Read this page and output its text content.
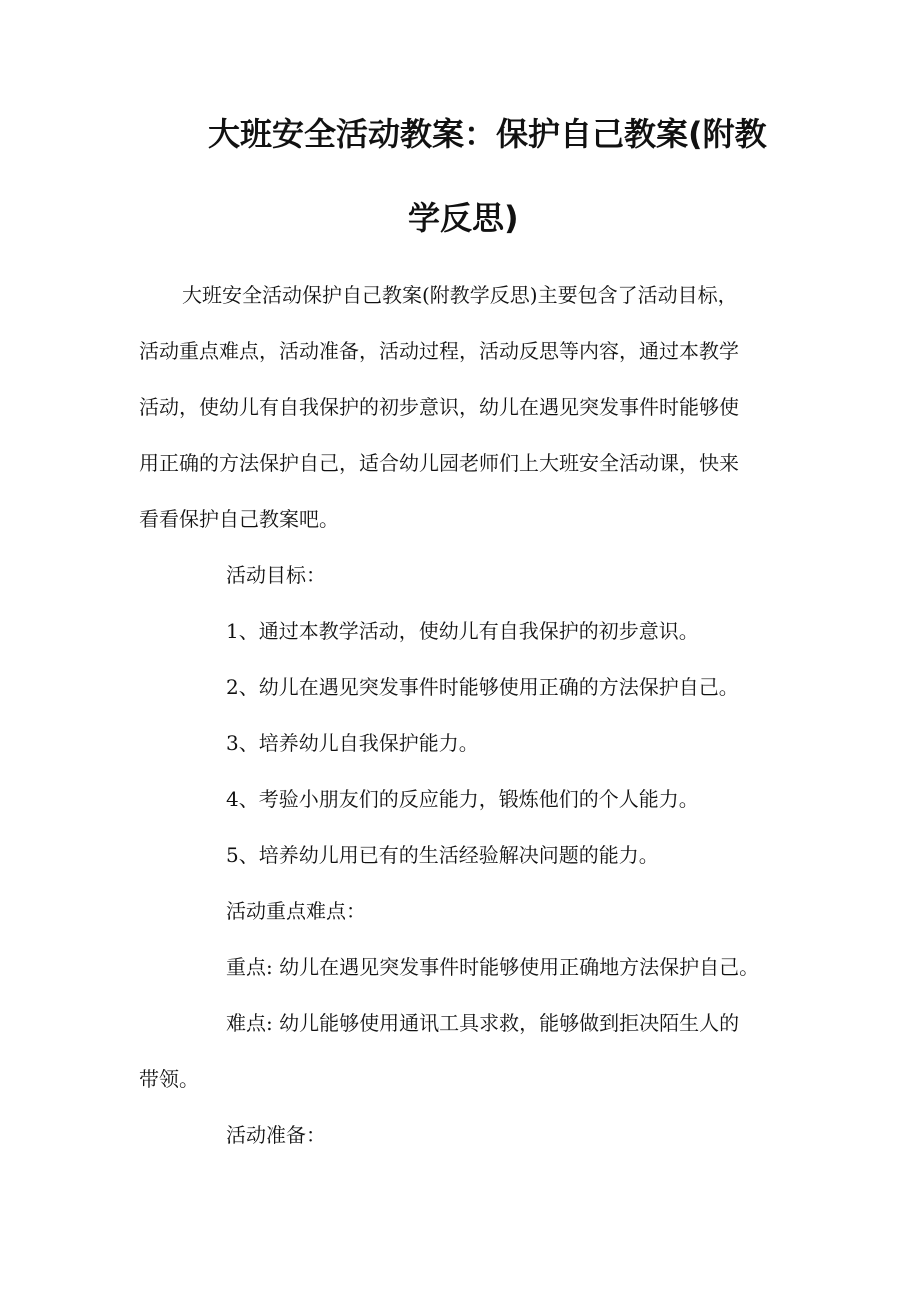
大班安全活动教案：保护自己教案(附教
学反思)

大班安全活动保护自己教案(附教学反思)主要包含了活动目标，

活动重点难点，活动准备，活动过程，活动反思等内容，通过本教学

活动，使幼儿有自我保护的初步意识，幼儿在遇见突发事件时能够使

用正确的方法保护自己，适合幼儿园老师们上大班安全活动课，快来

看看保护自己教案吧。

活动目标：

1、通过本教学活动，使幼儿有自我保护的初步意识。

2、幼儿在遇见突发事件时能够使用正确的方法保护自己。

3、培养幼儿自我保护能力。

4、考验小朋友们的反应能力，锻炼他们的个人能力。

5、培养幼儿用已有的生活经验解决问题的能力。

活动重点难点：

重点: 幼儿在遇见突发事件时能够使用正确地方法保护自己。

难点: 幼儿能够使用通讯工具求救，能够做到拒决陌生人的

带领。

活动准备：
